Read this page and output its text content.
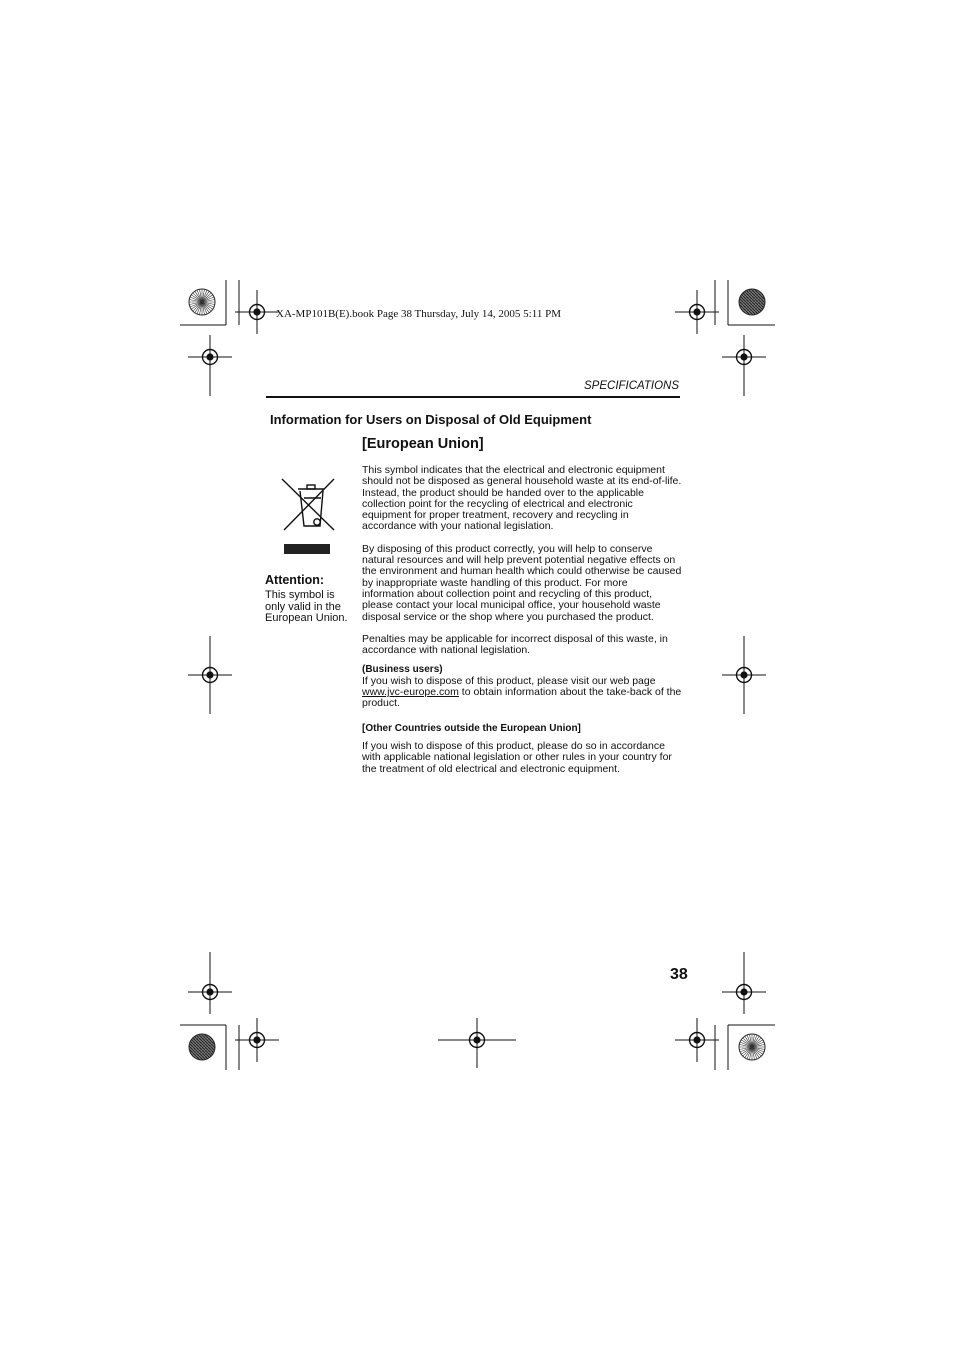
XA-MP101B(E).book Page 38 Thursday, July 14, 2005 5:11 PM
SPECIFICATIONS
Information for Users on Disposal of Old Equipment
[European Union]
Attention:
This symbol is only valid in the European Union.

This symbol indicates that the electrical and electronic equipment should not be disposed as general household waste at its end-of-life. Instead, the product should be handed over to the applicable collection point for the recycling of electrical and electronic equipment for proper treatment, recovery and recycling in accordance with your national legislation.

By disposing of this product correctly, you will help to conserve natural resources and will help prevent potential negative effects on the environment and human health which could otherwise be caused by inappropriate waste handling of this product. For more information about collection point and recycling of this product, please contact your local municipal office, your household waste disposal service or the shop where you purchased the product.

Penalties may be applicable for incorrect disposal of this waste, in accordance with national legislation.

(Business users)

If you wish to dispose of this product, please visit our web page www.jvc-europe.com to obtain information about the take-back of the product.

[Other Countries outside the European Union]

If you wish to dispose of this product, please do so in accordance with applicable national legislation or other rules in your country for the treatment of old electrical and electronic equipment.

38
